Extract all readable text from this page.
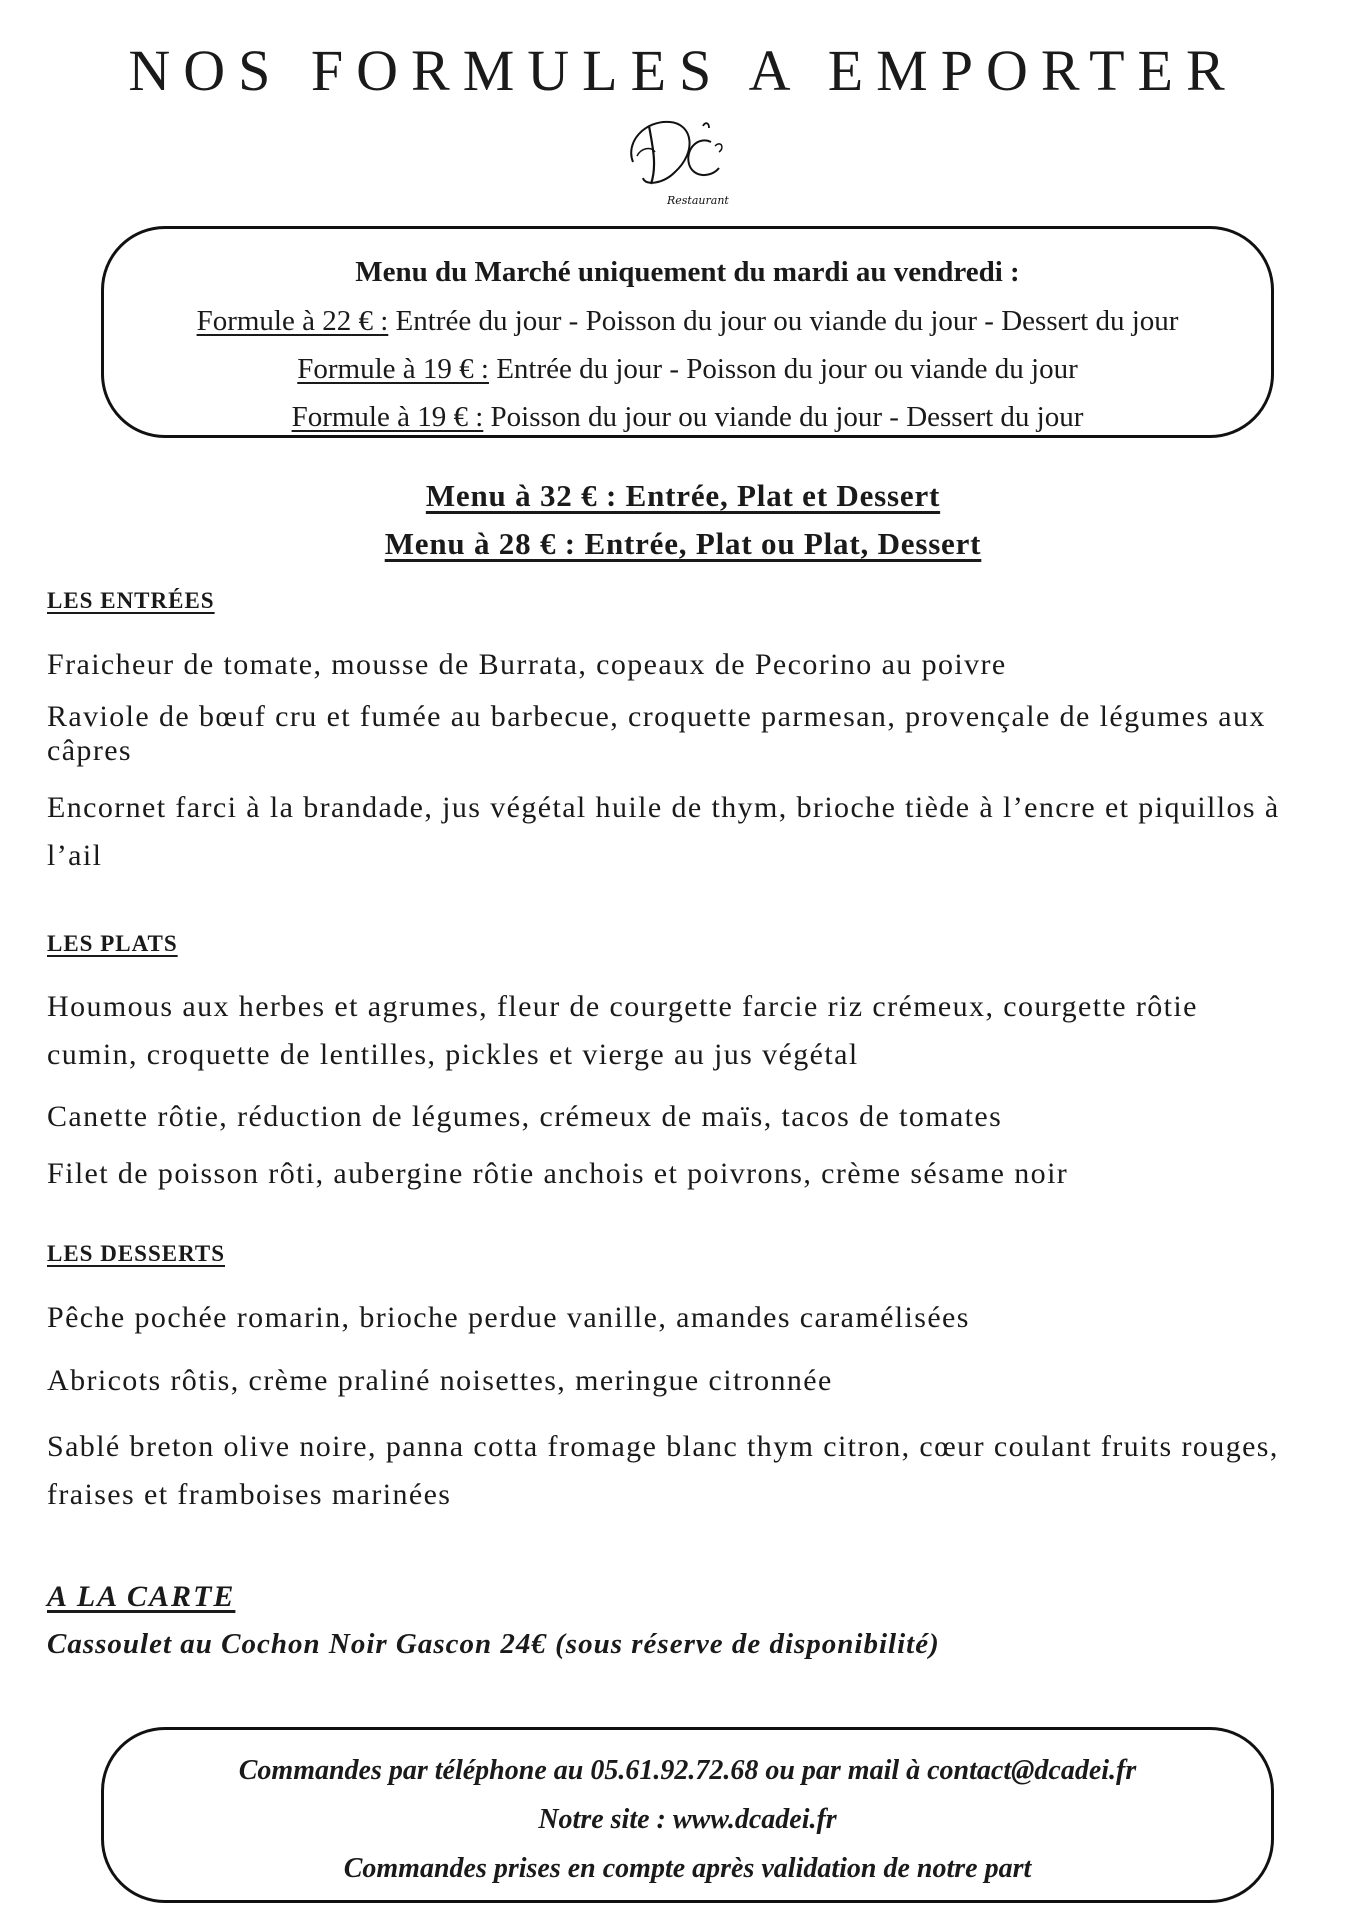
NOS FORMULES A EMPORTER
Restaurant
Menu du Marché uniquement du mardi au vendredi :
Formule à 22 € : Entrée du jour - Poisson du jour ou viande du jour - Dessert du jour
Formule à 19 € : Entrée du jour - Poisson du jour ou viande du jour
Formule à 19 € : Poisson du jour ou viande du jour - Dessert du jour
Menu à 32 € : Entrée, Plat et Dessert
Menu à 28 € : Entrée, Plat ou Plat, Dessert
LES ENTRÉES
Fraicheur de tomate, mousse de Burrata, copeaux de Pecorino au poivre
Raviole de bœuf cru et fumée au barbecue, croquette parmesan, provençale de légumes aux câpres
Encornet farci à la brandade, jus végétal huile de thym, brioche tiède à l’encre et piquillos à l’ail
LES PLATS
Houmous aux herbes et agrumes, fleur de courgette farcie riz crémeux, courgette rôtie cumin, croquette de lentilles, pickles et vierge au jus végétal
Canette rôtie, réduction de légumes, crémeux de maïs, tacos de tomates
Filet de poisson rôti, aubergine rôtie anchois et poivrons, crème sésame noir
LES DESSERTS
Pêche pochée romarin, brioche perdue vanille, amandes caramélisées
Abricots rôtis, crème praliné noisettes, meringue citronnée
Sablé breton olive noire, panna cotta fromage blanc thym citron, cœur coulant fruits rouges, fraises et framboises marinées
A LA CARTE
Cassoulet au Cochon Noir Gascon 24€ (sous réserve de disponibilité)
Commandes par téléphone au 05.61.92.72.68 ou par mail à contact@dcadei.fr
Notre site : www.dcadei.fr
Commandes prises en compte après validation de notre part
